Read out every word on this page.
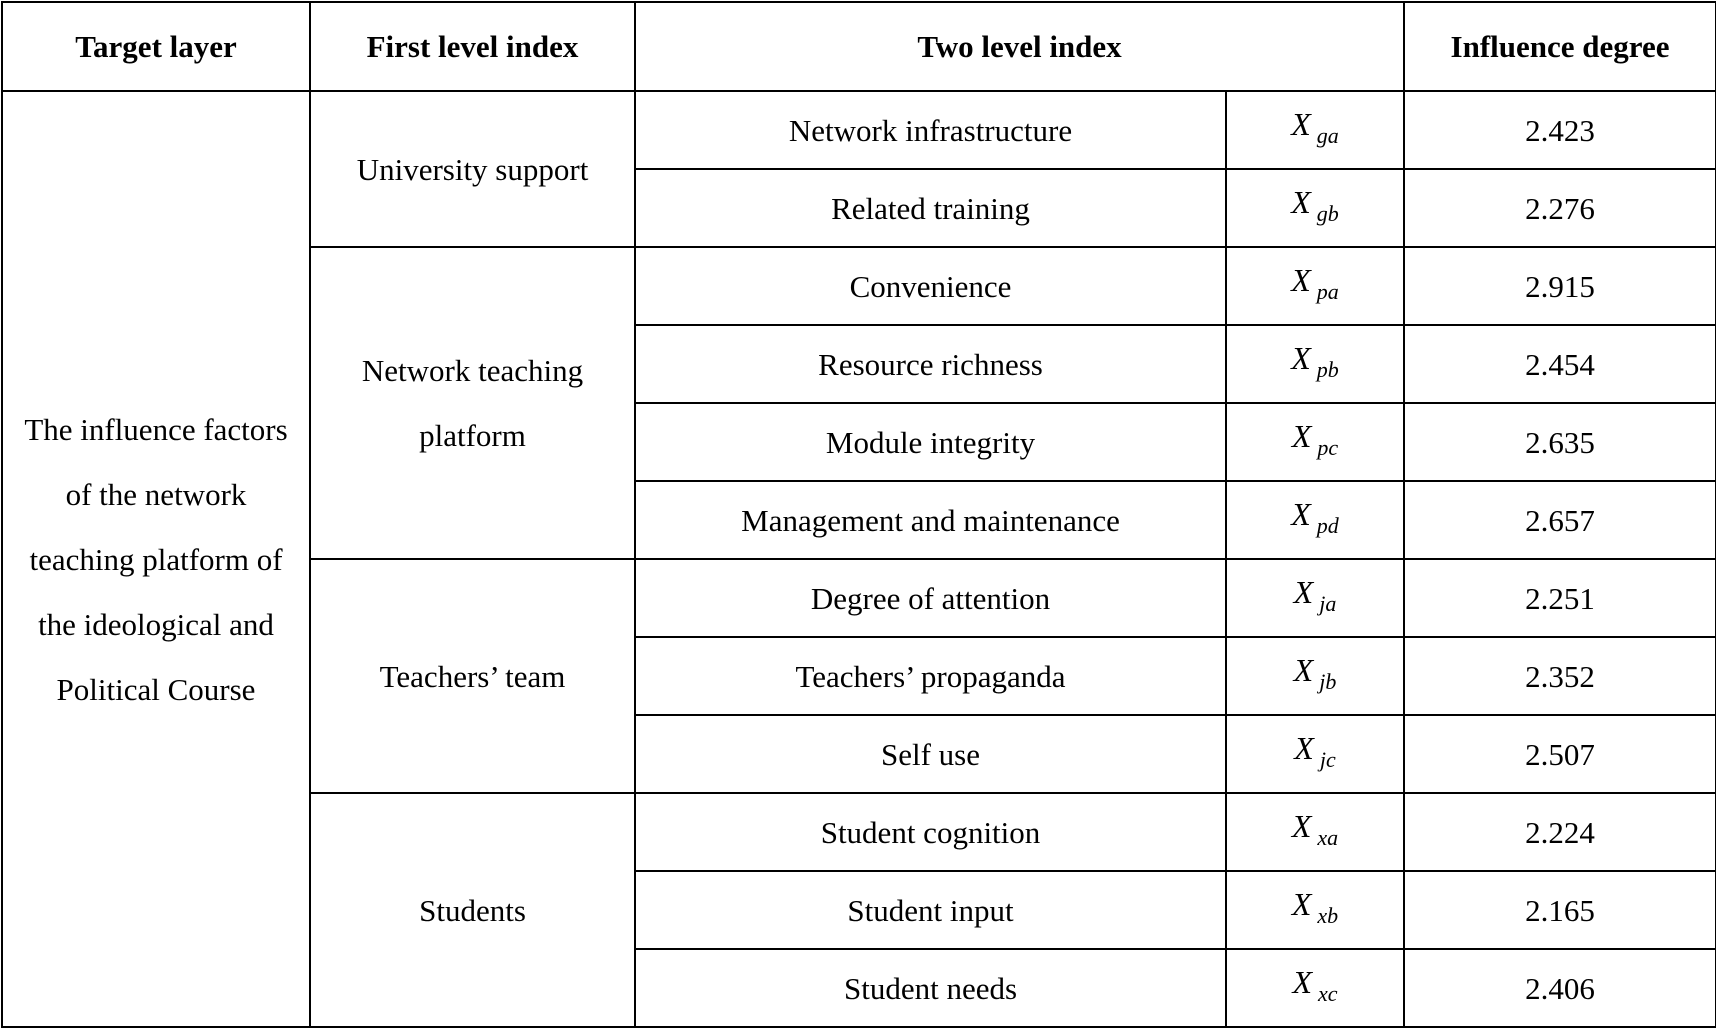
Target layer	First level index	Two level index		Influence degree
The influence factors of the network teaching platform of the ideological and Political Course	University support	Network infrastructure	X $_{ga}$	2.423
		Related training	X $_{gb}$	2.276
	Network teaching platform	Convenience	X $_{pa}$	2.915
		Resource richness	X $_{pb}$	2.454
		Module integrity	X $_{pc}$	2.635
		Management and maintenance	X $_{pd}$	2.657
	Teachers’ team	Degree of attention	X $_{ja}$	2.251
		Teachers’ propaganda	X $_{jb}$	2.352
		Self use	X $_{jc}$	2.507
	Students	Student cognition	X $_{xa}$	2.224
		Student input	X $_{xb}$	2.165
		Student needs	X $_{xc}$	2.406
